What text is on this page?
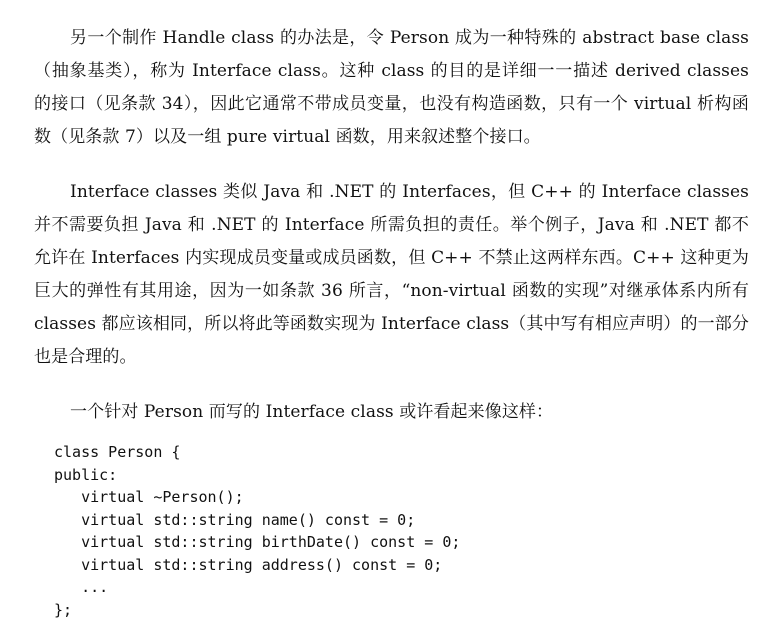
另一个制作 Handle class 的办法是，令 Person 成为一种特殊的 abstract base class（抽象基类），称为 Interface class。这种 class 的目的是详细一一描述 derived classes 的接口（见条款 34），因此它通常不带成员变量，也没有构造函数，只有一个 virtual 析构函数（见条款 7）以及一组 pure virtual 函数，用来叙述整个接口。

Interface classes 类似 Java 和 .NET 的 Interfaces，但 C++ 的 Interface classes 并不需要负担 Java 和 .NET 的 Interface 所需负担的责任。举个例子，Java 和 .NET 都不允许在 Interfaces 内实现成员变量或成员函数，但 C++ 不禁止这两样东西。C++ 这种更为巨大的弹性有其用途，因为一如条款 36 所言，“non-virtual 函数的实现”对继承体系内所有 classes 都应该相同，所以将此等函数实现为 Interface class（其中写有相应声明）的一部分也是合理的。

一个针对 Person 而写的 Interface class 或许看起来像这样：

class Person {
public:
virtual ~Person();
virtual std::string name() const = 0;
virtual std::string birthDate() const = 0;
virtual std::string address() const = 0;
...
};
